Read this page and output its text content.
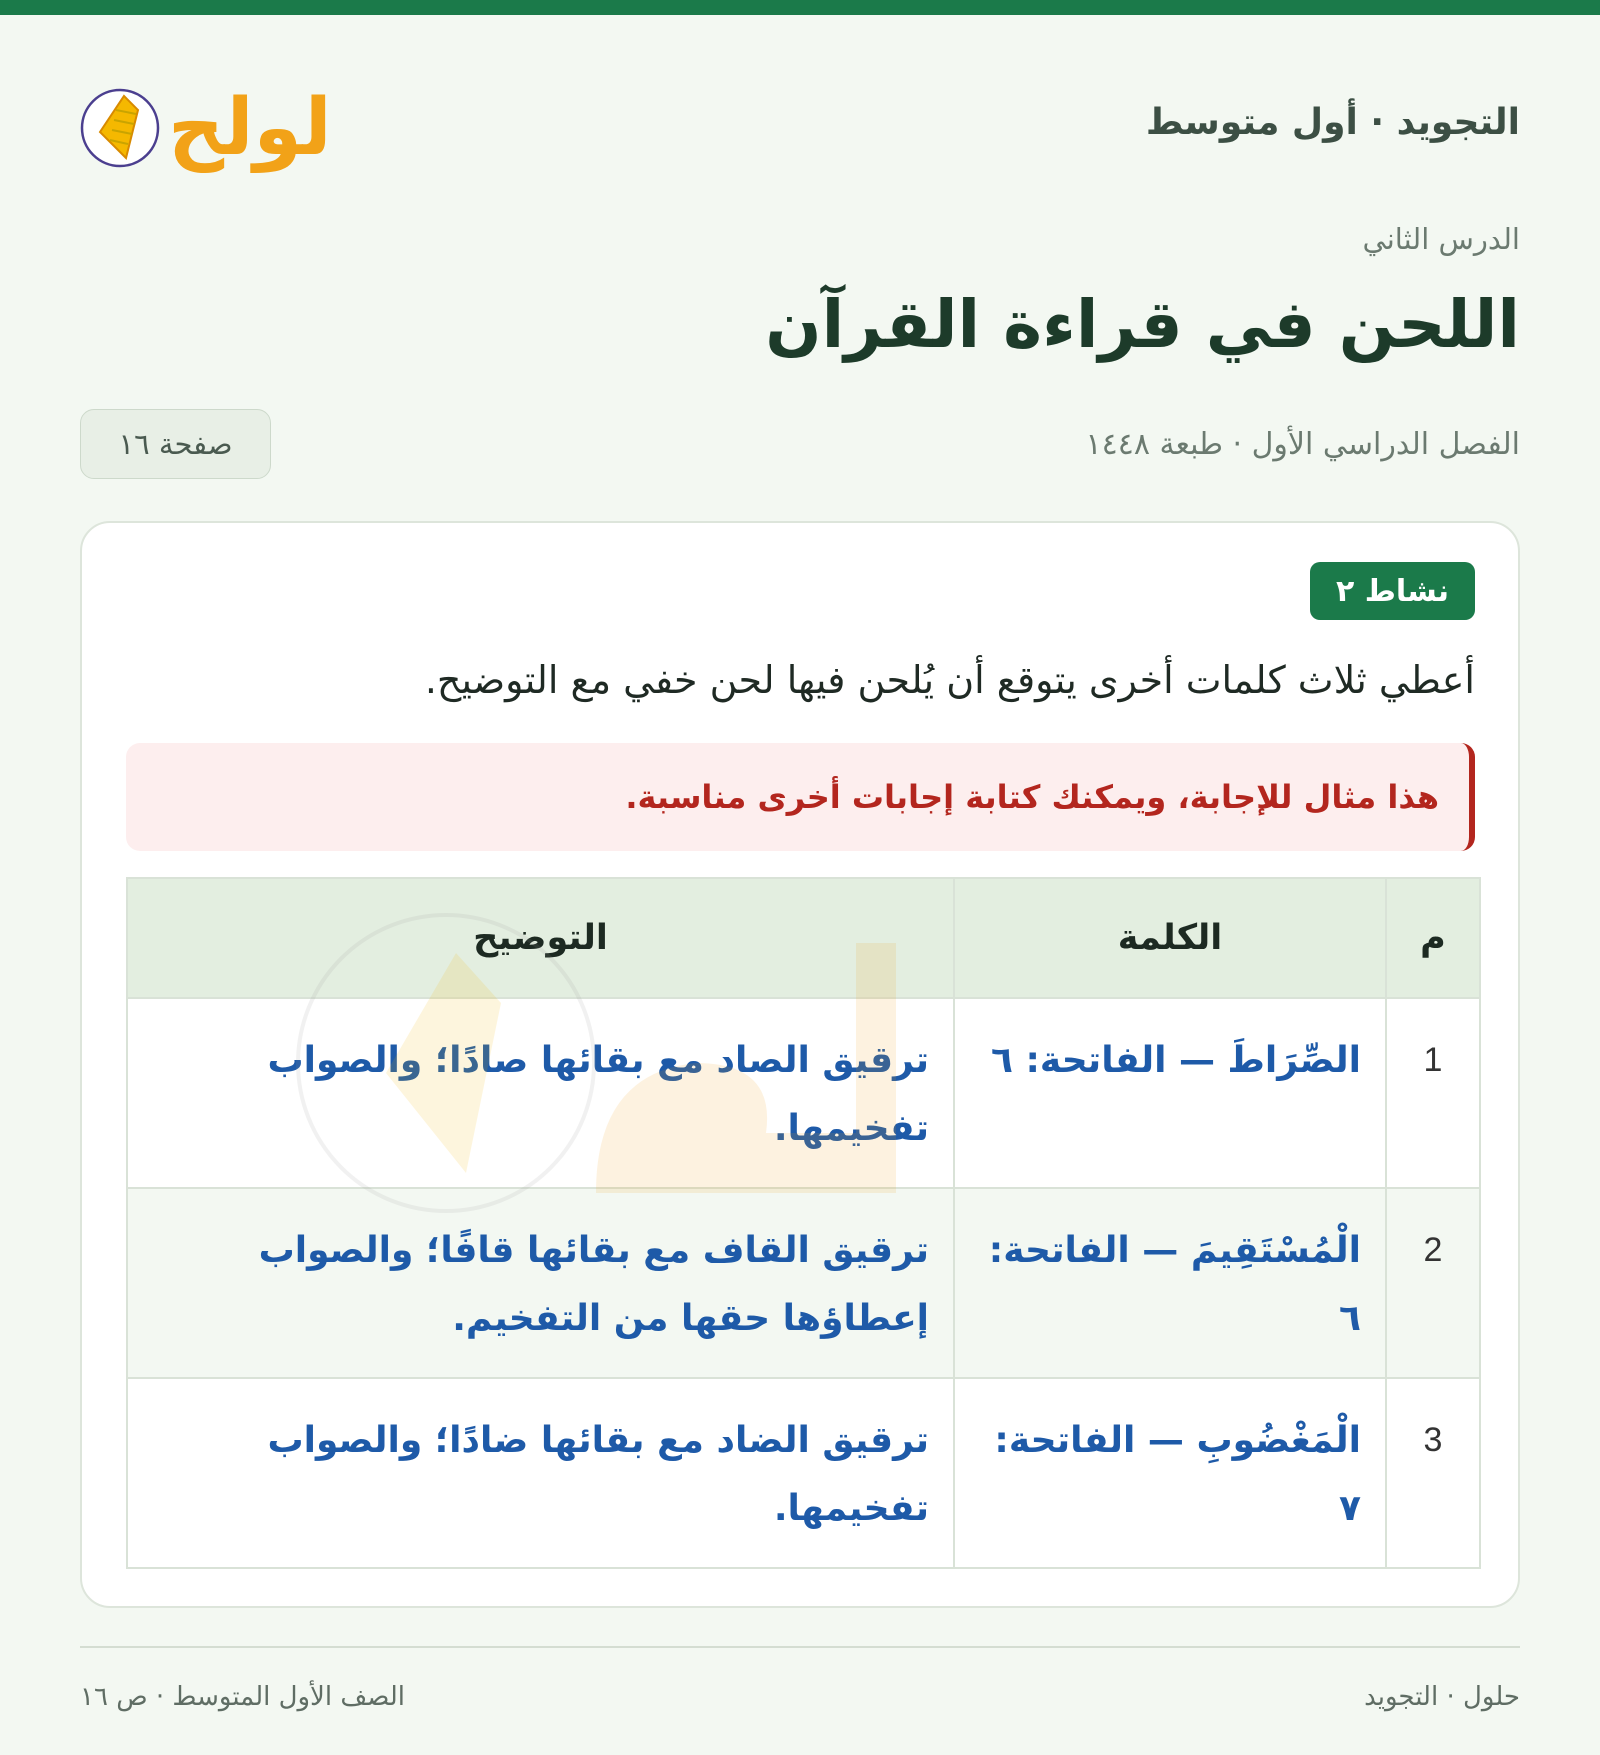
التجويد · أول متوسط
حلول
الدرس الثاني
اللحن في قراءة القرآن
الفصل الدراسي الأول · طبعة ١٤٤٨
صفحة ١٦
نشاط ٢
أعطي ثلاث كلمات أخرى يتوقع أن يُلحن فيها لحن خفي مع التوضيح.
هذا مثال للإجابة، ويمكنك كتابة إجابات أخرى مناسبة.
م	الكلمة	التوضيح
1	الصِّرَاطَ — الفاتحة: ٦	ترقيق الصاد مع بقائها صادًا؛ والصواب تفخيمها.
2	الْمُسْتَقِيمَ — الفاتحة: ٦	ترقيق القاف مع بقائها قافًا؛ والصواب إعطاؤها حقها من التفخيم.
3	الْمَغْضُوبِ — الفاتحة: ٧	ترقيق الضاد مع بقائها ضادًا؛ والصواب تفخيمها.
حلول · التجويد
الصف الأول المتوسط · ص ١٦
